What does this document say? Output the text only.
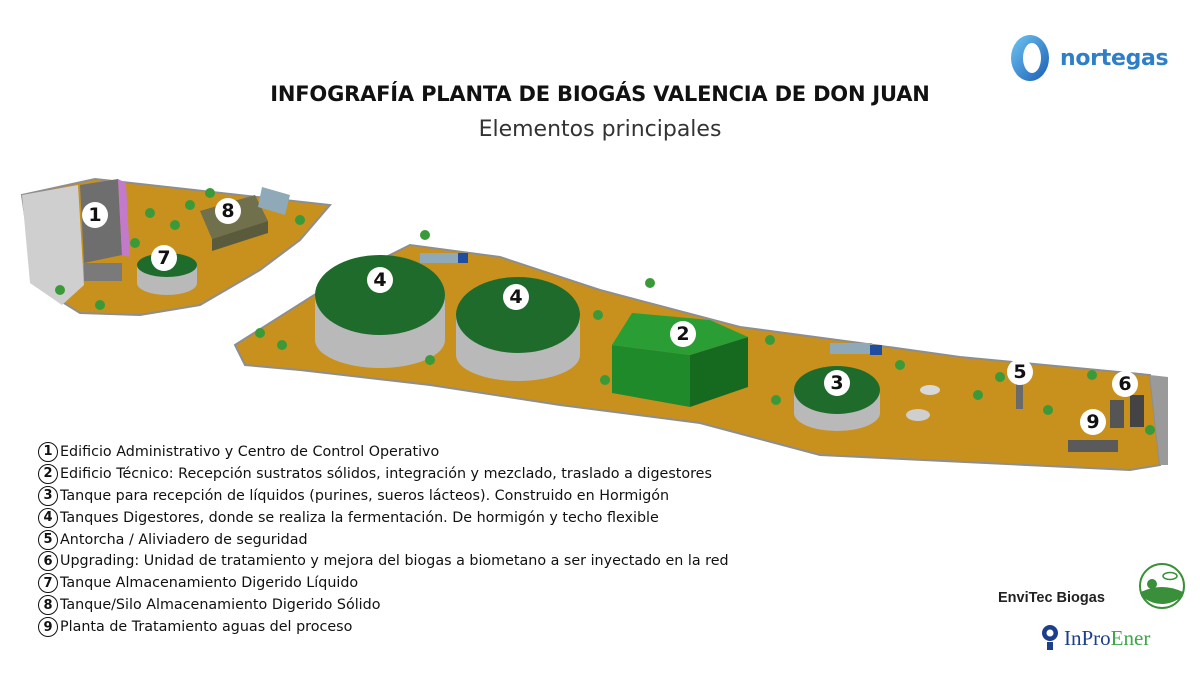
nortegas
INFOGRAFÍA PLANTA DE BIOGÁS VALENCIA DE DON JUAN
Elementos principales
1	8
7
4
4
2
3	5
6
9
1 Edificio Administrativo y Centro de Control Operativo
2 Edificio Técnico: Recepción sustratos sólidos, integración y mezclado, traslado a digestores
3 Tanque para recepción de líquidos (purines, sueros lácteos). Construido en Hormigón
4 Tanques Digestores, donde se realiza la fermentación. De hormigón y techo flexible
5 Antorcha / Aliviadero de seguridad
6 Upgrading: Unidad de tratamiento y mejora del biogas a biometano a ser inyectado en la red
7 Tanque Almacenamiento Digerido Líquido
8 Tanque/Silo Almacenamiento Digerido Sólido
9 Planta de Tratamiento aguas del proceso
EnviTec Biogas
InProEner
